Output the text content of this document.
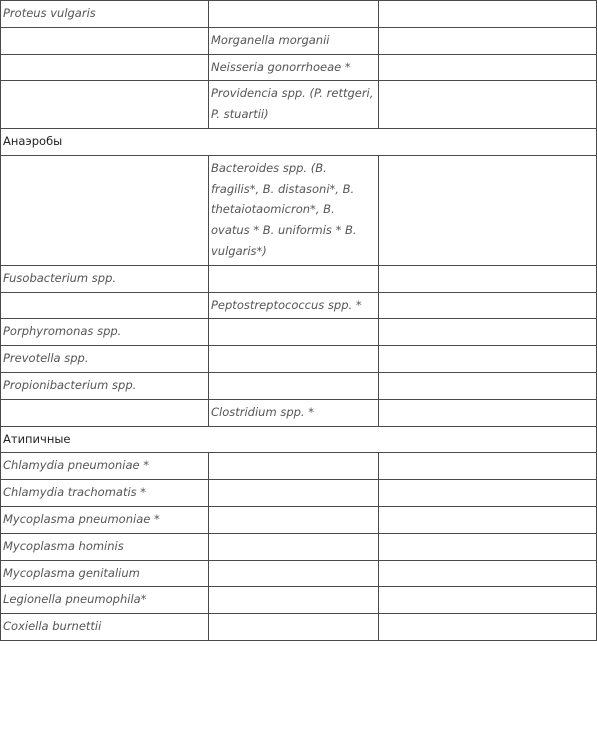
Proteus vulgaris		
	Morganella morganii	
	Neisseria gonorrhoeae *	
	Providencia spp. (P. rettgeri, P. stuartii)	
Анаэробы		
	Bacteroides spp. (B. fragilis*, B. distasoni*, B. thetaiotaomicron*, B. ovatus * B. uniformis * B. vulgaris*)	
Fusobacterium spp.		
	Peptostreptococcus spp. *	
Porphyromonas spp.		
Prevotella spp.		
Propionibacterium spp.		
	Clostridium spp. *	
Атипичные		
Chlamydia pneumoniae *		
Chlamydia trachomatis *		
Mycoplasma pneumoniae *		
Mycoplasma hominis		
Mycoplasma genitalium		
Legionella pneumophila*		
Coxiella burnettii		
